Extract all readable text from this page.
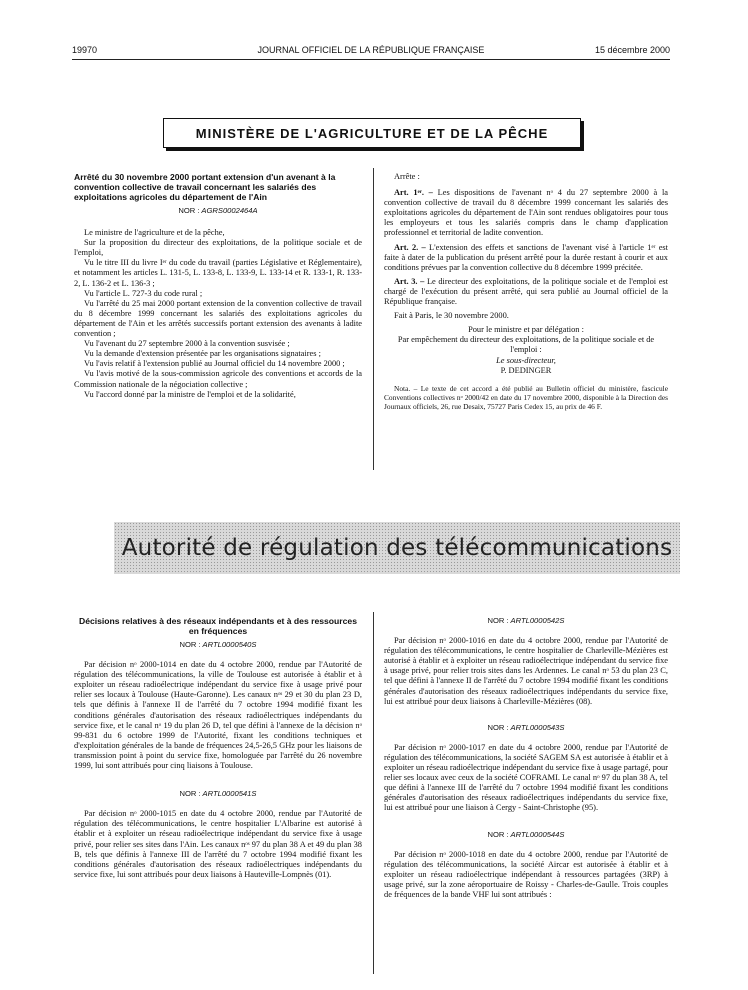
19970	JOURNAL OFFICIEL DE LA RÉPUBLIQUE FRANÇAISE	15 décembre 2000
MINISTÈRE DE L'AGRICULTURE ET DE LA PÊCHE

Arrêté du 30 novembre 2000 portant extension d'un avenant à la convention collective de travail concernant les salariés des exploitations agricoles du département de l'Ain

NOR : AGRS0002464A

Le ministre de l'agriculture et de la pêche,

Sur la proposition du directeur des exploitations, de la politique sociale et de l'emploi,

Vu le titre III du livre Iᵉʳ du code du travail (parties Législative et Réglementaire), et notamment les articles L. 131-5, L. 133-8, L. 133-9, L. 133-14 et R. 133-1, R. 133-2, L. 136-2 et L. 136-3 ;

Vu l'article L. 727-3 du code rural ;

Vu l'arrêté du 25 mai 2000 portant extension de la convention collective de travail du 8 décembre 1999 concernant les salariés des exploitations agricoles du département de l'Ain et les arrêtés successifs portant extension des avenants à ladite convention ;

Vu l'avenant du 27 septembre 2000 à la convention susvisée ;

Vu la demande d'extension présentée par les organisations signataires ;

Vu l'avis relatif à l'extension publié au Journal officiel du 14 novembre 2000 ;

Vu l'avis motivé de la sous-commission agricole des conventions et accords de la Commission nationale de la négociation collective ;

Vu l'accord donné par la ministre de l'emploi et de la solidarité,

Arrête :

Art. 1ᵉʳ. – Les dispositions de l'avenant nᵒ 4 du 27 septembre 2000 à la convention collective de travail du 8 décembre 1999 concernant les salariés des exploitations agricoles du département de l'Ain sont rendues obligatoires pour tous les employeurs et tous les salariés compris dans le champ d'application professionnel et territorial de ladite convention.

Art. 2. – L'extension des effets et sanctions de l'avenant visé à l'article 1ᵉʳ est faite à dater de la publication du présent arrêté pour la durée restant à courir et aux conditions prévues par la convention collective du 8 décembre 1999 précitée.

Art. 3. – Le directeur des exploitations, de la politique sociale et de l'emploi est chargé de l'exécution du présent arrêté, qui sera publié au Journal officiel de la République française.

Fait à Paris, le 30 novembre 2000.

Pour le ministre et par délégation :

Par empêchement du directeur des exploitations, de la politique sociale et de l'emploi :

Le sous-directeur,

P. DEDINGER

Nota. – Le texte de cet accord a été publié au Bulletin officiel du ministère, fascicule Conventions collectives nᵒ 2000/42 en date du 17 novembre 2000, disponible à la Direction des Journaux officiels, 26, rue Desaix, 75727 Paris Cedex 15, au prix de 46 F.

Autorité de régulation des télécommunications

Décisions relatives à des réseaux indépendants et à des ressources en fréquences

NOR : ARTL0000540S

Par décision nᵒ 2000-1014 en date du 4 octobre 2000, rendue par l'Autorité de régulation des télécommunications, la ville de Toulouse est autorisée à établir et à exploiter un réseau radioélectrique indépendant du service fixe à usage privé pour relier ses locaux à Toulouse (Haute-Garonne). Les canaux nᵒˢ 29 et 30 du plan 23 D, tels que définis à l'annexe II de l'arrêté du 7 octobre 1994 modifié fixant les conditions générales d'autorisation des réseaux radioélectriques indépendants du service fixe, et le canal nᵒ 19 du plan 26 D, tel que défini à l'annexe de la décision nᵒ 99-831 du 6 octobre 1999 de l'Autorité, fixant les conditions techniques et d'exploitation générales de la bande de fréquences 24,5-26,5 GHz pour les liaisons de transmission point à point du service fixe, homologuée par l'arrêté du 26 novembre 1999, lui sont attribués pour cinq liaisons à Toulouse.

NOR : ARTL0000541S

Par décision nᵒ 2000-1015 en date du 4 octobre 2000, rendue par l'Autorité de régulation des télécommunications, le centre hospitalier L'Albarine est autorisé à établir et à exploiter un réseau radioélectrique indépendant du service fixe à usage privé, pour relier ses sites dans l'Ain. Les canaux nᵒˢ 97 du plan 38 A et 49 du plan 38 B, tels que définis à l'annexe III de l'arrêté du 7 octobre 1994 modifié fixant les conditions générales d'autorisation des réseaux radioélectriques indépendants du service fixe, lui sont attribués pour deux liaisons à Hauteville-Lompnès (01).

NOR : ARTL0000542S

Par décision nᵒ 2000-1016 en date du 4 octobre 2000, rendue par l'Autorité de régulation des télécommunications, le centre hospitalier de Charleville-Mézières est autorisé à établir et à exploiter un réseau radioélectrique indépendant du service fixe à usage privé, pour relier trois sites dans les Ardennes. Le canal nᵒ 53 du plan 23 C, tel que défini à l'annexe II de l'arrêté du 7 octobre 1994 modifié fixant les conditions générales d'autorisation des réseaux radioélectriques indépendants du service fixe, lui est attribué pour deux liaisons à Charleville-Mézières (08).

NOR : ARTL0000543S

Par décision nᵒ 2000-1017 en date du 4 octobre 2000, rendue par l'Autorité de régulation des télécommunications, la société SAGEM SA est autorisée à établir et à exploiter un réseau radioélectrique indépendant du service fixe à usage partagé, pour relier ses locaux avec ceux de la société COFRAMI. Le canal nᵒ 97 du plan 38 A, tel que défini à l'annexe III de l'arrêté du 7 octobre 1994 modifié fixant les conditions générales d'autorisation des réseaux radioélectriques indépendants du service fixe, lui est attribué pour une liaison à Cergy - Saint-Christophe (95).

NOR : ARTL0000544S

Par décision nᵒ 2000-1018 en date du 4 octobre 2000, rendue par l'Autorité de régulation des télécommunications, la société Aircar est autorisée à établir et à exploiter un réseau radioélectrique indépendant à ressources partagées (3RP) à usage privé, sur la zone aéroportuaire de Roissy - Charles-de-Gaulle. Trois couples de fréquences de la bande VHF lui sont attribués :
